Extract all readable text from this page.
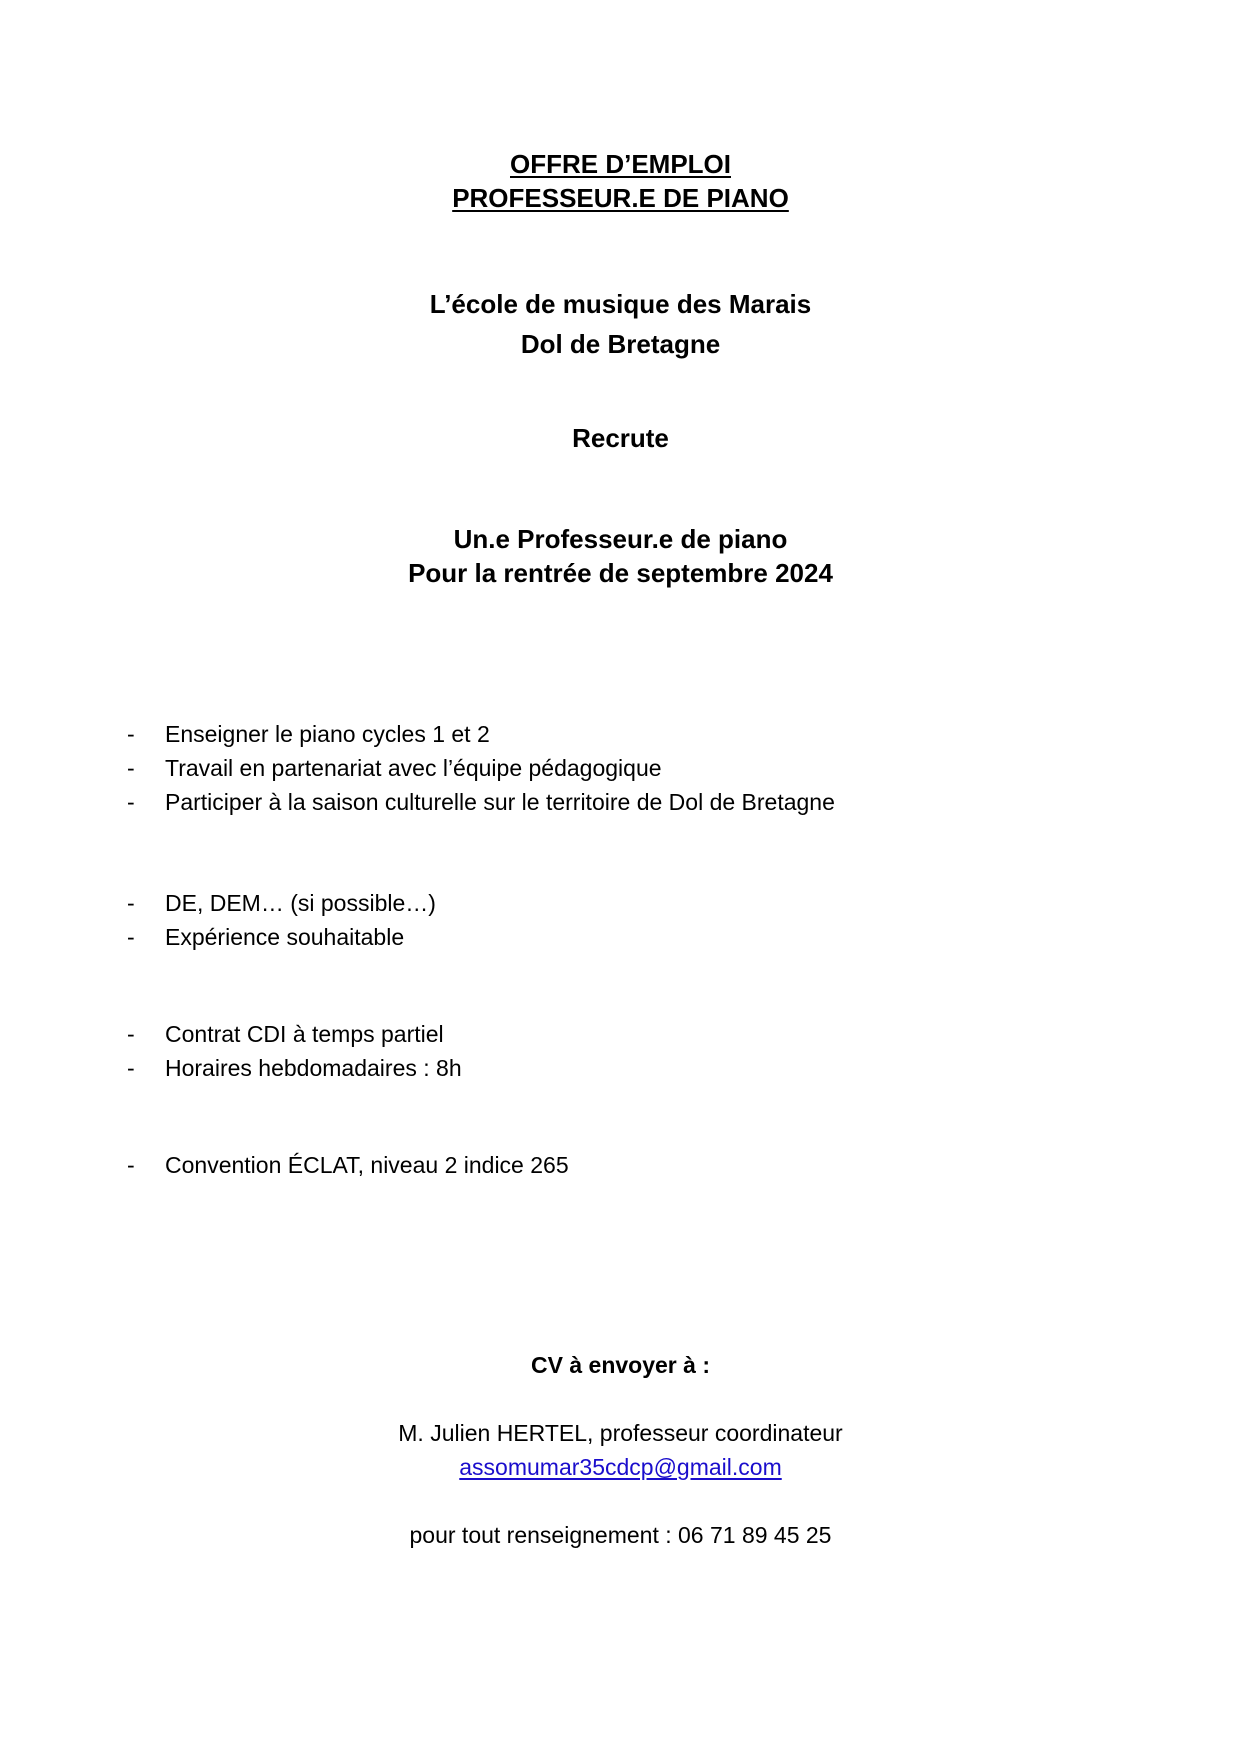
OFFRE D’EMPLOI
PROFESSEUR.E DE PIANO
L’école de musique des Marais
Dol de Bretagne
Recrute
Un.e Professeur.e de piano
Pour la rentrée de septembre 2024
- Enseigner le piano cycles 1 et 2
- Travail en partenariat avec l’équipe pédagogique
- Participer à la saison culturelle sur le territoire de Dol de Bretagne
- DE, DEM… (si possible…)
- Expérience souhaitable
- Contrat CDI à temps partiel
- Horaires hebdomadaires : 8h
- Convention ÉCLAT, niveau 2 indice 265
CV à envoyer à :
M. Julien HERTEL, professeur coordinateur
assomumar35cdcp@gmail.com
pour tout renseignement : 06 71 89 45 25
